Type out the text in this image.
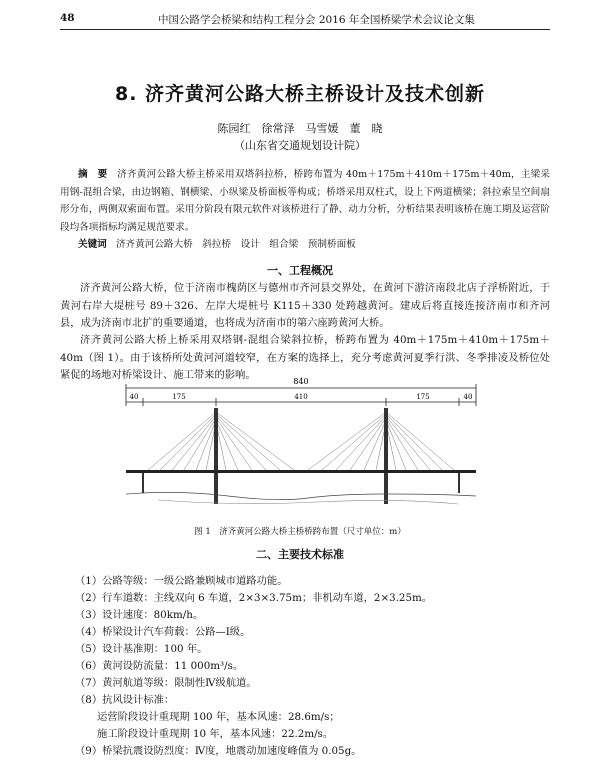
48	中国公路学会桥梁和结构工程分会 2016 年全国桥梁学术会议论文集
8. 济齐黄河公路大桥主桥设计及技术创新
陈园红　徐常泽　马雪媛　董　晓
（山东省交通规划设计院）
摘　要 济齐黄河公路大桥主桥采用双塔斜拉桥，桥跨布置为 40m＋175m＋410m＋175m＋40m，主梁采用钢-混组合梁，由边钢箱、钢横梁、小纵梁及桥面板等构成；桥塔采用双柱式，设上下两道横梁；斜拉索呈空间扇形分布，两侧双索面布置。采用分阶段有限元软件对该桥进行了静、动力分析，分析结果表明该桥在施工期及运营阶段均各项指标均满足规范要求。
关键词 济齐黄河公路大桥　斜拉桥　设计　组合梁　预制桥面板
一、工程概况
济齐黄河公路大桥，位于济南市槐荫区与德州市齐河县交界处，在黄河下游济南段北店子浮桥附近，于黄河右岸大堤桩号 89＋326、左岸大堤桩号 K115＋330 处跨越黄河。建成后将直接连接济南市和齐河县，成为济南市北扩的重要通道，也将成为济南市的第六座跨黄河大桥。
济齐黄河公路大桥上桥采用双塔钢-混组合梁斜拉桥，桥跨布置为 40m＋175m＋410m＋175m＋40m（图 1）。由于该桥所处黄河河道较窄，在方案的选择上，充分考虑黄河夏季行洪、冬季排凌及桥位处紧促的场地对桥梁设计、施工带来的影响。
840
40	175	410	175	40
图 1　济齐黄河公路大桥主桥桥跨布置（尺寸单位：m）
二、主要技术标准
（1）公路等级：一级公路兼顾城市道路功能。
（2）行车道数：主线双向 6 车道，2×3×3.75m；非机动车道，2×3.25m。
（3）设计速度：80km/h。
（4）桥梁设计汽车荷载：公路—Ⅰ级。
（5）设计基准期：100 年。
（6）黄河设防流量：11 000m³/s。
（7）黄河航道等级：限制性Ⅳ级航道。
（8）抗风设计标准：
运营阶段设计重现期 100 年，基本风速：28.6m/s；
施工阶段设计重现期 10 年，基本风速：22.2m/s。
（9）桥梁抗震设防烈度：Ⅳ度，地震动加速度峰值为 0.05g。
